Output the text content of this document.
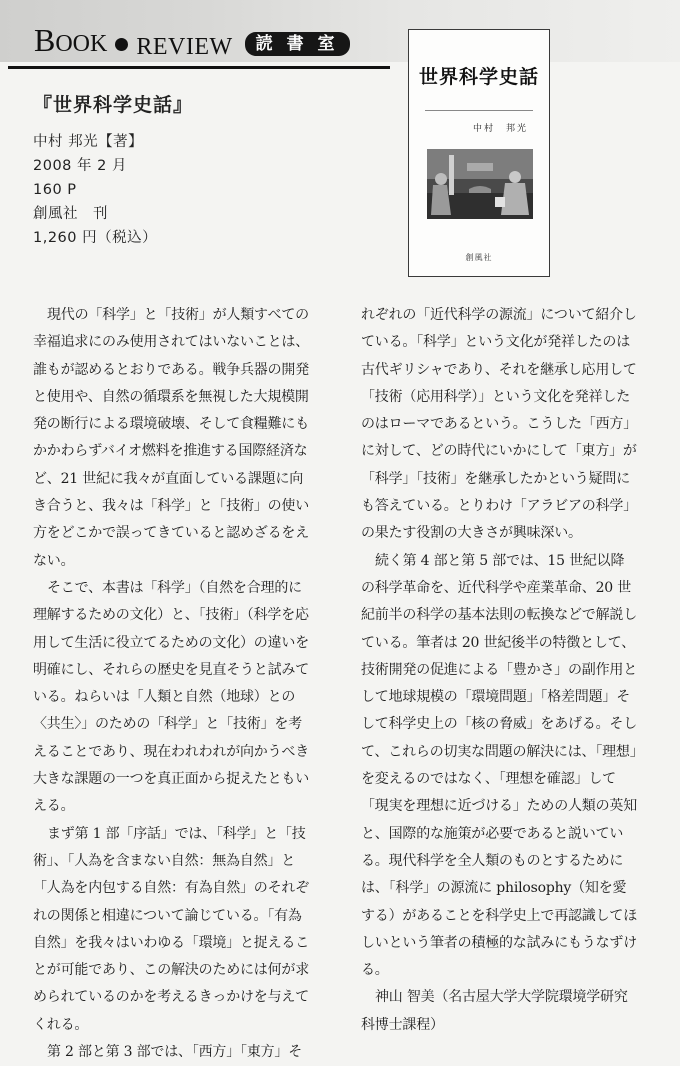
BOOK REVIEW	読 書 室
『世界科学史話』
中村 邦光【著】
2008 年 2 月
160 P
創風社　刊
1,260 円（税込）
世界科学史話
中村　邦光
創風社

現代の「科学」と「技術」が人類すべての幸福追求にのみ使用されてはいないことは、誰もが認めるとおりである。戦争兵器の開発と使用や、自然の循環系を無視した大規模開発の断行による環境破壊、そして食糧難にもかかわらずバイオ燃料を推進する国際経済など、21 世紀に我々が直面している課題に向き合うと、我々は「科学」と「技術」の使い方をどこかで誤ってきていると認めざるをえない。

そこで、本書は「科学」（自然を合理的に理解するための文化）と、「技術」（科学を応用して生活に役立てるための文化）の違いを明確にし、それらの歴史を見直そうと試みている。ねらいは「人類と自然（地球）との〈共生〉」のための「科学」と「技術」を考えることであり、現在われわれが向かうべき大きな課題の一つを真正面から捉えたともいえる。

まず第 1 部「序話」では、「科学」と「技術」、「人為を含まない自然：無為自然」と「人為を内包する自然：有為自然」のそれぞれの関係と相違について論じている。「有為自然」を我々はいわゆる「環境」と捉えることが可能であり、この解決のためには何が求められているのかを考えるきっかけを与えてくれる。

第 2 部と第 3 部では、「西方」「東方」そ

れぞれの「近代科学の源流」について紹介している。「科学」という文化が発祥したのは古代ギリシャであり、それを継承し応用して「技術（応用科学）」という文化を発祥したのはローマであるという。こうした「西方」に対して、どの時代にいかにして「東方」が「科学」「技術」を継承したかという疑問にも答えている。とりわけ「アラビアの科学」の果たす役割の大きさが興味深い。

続く第 4 部と第 5 部では、15 世紀以降の科学革命を、近代科学や産業革命、20 世紀前半の科学の基本法則の転換などで解説している。筆者は 20 世紀後半の特徴として、技術開発の促進による「豊かさ」の副作用として地球規模の「環境問題」「格差問題」そして科学史上の「核の脅威」をあげる。そして、これらの切実な問題の解決には、「理想」を変えるのではなく、「理想を確認」して「現実を理想に近づける」ための人類の英知と、国際的な施策が必要であると説いている。現代科学を全人類のものとするためには、「科学」の源流に philosophy（知を愛する）があることを科学史上で再認識してほしいという筆者の積極的な試みにもうなずける。

神山 智美（名古屋大学大学院環境学研究科博士課程）
